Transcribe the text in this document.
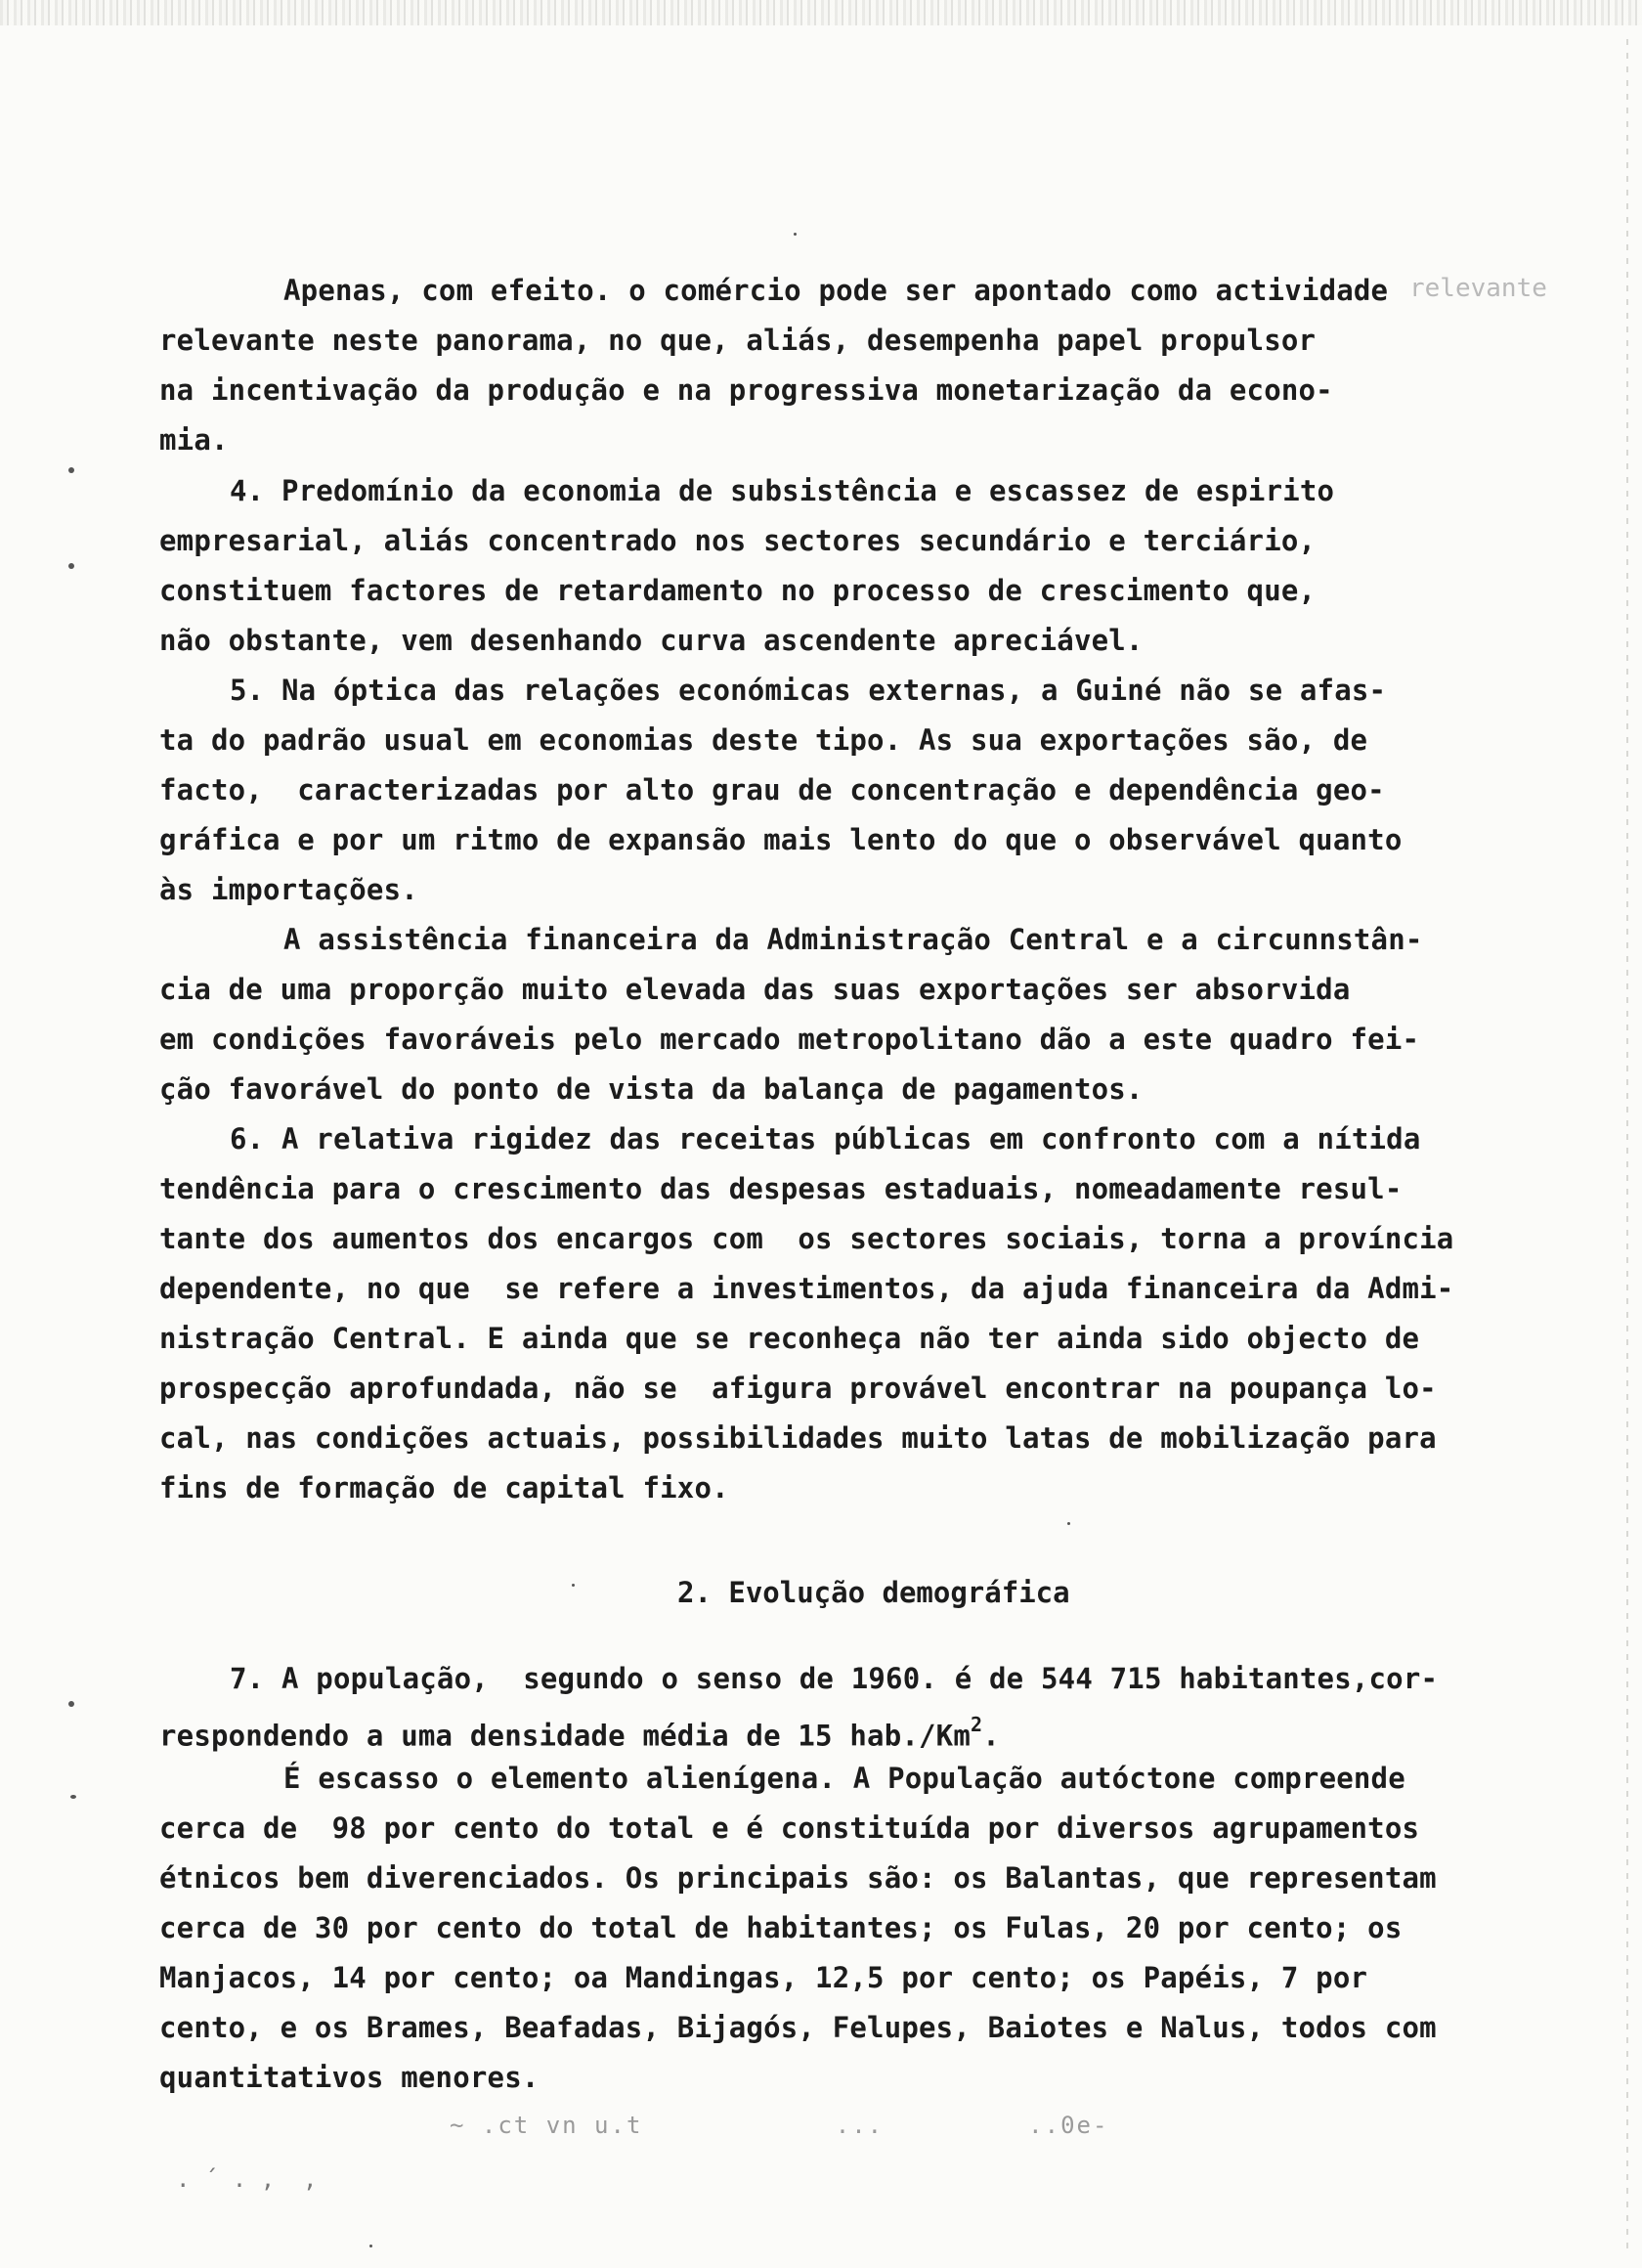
relevante
Apenas, com efeito. o comércio pode ser apontado como actividade
relevante neste panorama, no que, aliás, desempenha papel propulsor
na incentivação da produção e na progressiva monetarização da econo-
mia.
4. Predomínio da economia de subsistência e escassez de espirito
empresarial, aliás concentrado nos sectores secundário e terciário,
constituem factores de retardamento no processo de crescimento que,
não obstante, vem desenhando curva ascendente apreciável.
5. Na óptica das relações económicas externas, a Guiné não se afas-
ta do padrão usual em economias deste tipo. As sua exportações são, de
facto,  caracterizadas por alto grau de concentração e dependência geo-
gráfica e por um ritmo de expansão mais lento do que o observável quanto
às importações.
A assistência financeira da Administração Central e a circunnstân-
cia de uma proporção muito elevada das suas exportações ser absorvida
em condições favoráveis pelo mercado metropolitano dão a este quadro fei-
ção favorável do ponto de vista da balança de pagamentos.
6. A relativa rigidez das receitas públicas em confronto com a nítida
tendência para o crescimento das despesas estaduais, nomeadamente resul-
tante dos aumentos dos encargos com  os sectores sociais, torna a província
dependente, no que  se refere a investimentos, da ajuda financeira da Admi-
nistração Central. E ainda que se reconheça não ter ainda sido objecto de
prospecção aprofundada, não se  afigura provável encontrar na poupança lo-
cal, nas condições actuais, possibilidades muito latas de mobilização para
fins de formação de capital fixo.
2. Evolução demográfica
7. A população,  segundo o senso de 1960. é de 544 715 habitantes,cor-
respondendo a uma densidade média de 15 hab./Km$^2$.
É escasso o elemento alienígena. A População autóctone compreende
cerca de  98 por cento do total e é constituída por diversos agrupamentos
étnicos bem diverenciados. Os principais são: os Balantas, que representam
cerca de 30 por cento do total de habitantes; os Fulas, 20 por cento; os
Manjacos, 14 por cento; oa Mandingas, 12,5 por cento; os Papéis, 7 por
cento, e os Brames, Beafadas, Bijagós, Felupes, Baiotes e Nalus, todos com
quantitativos menores.
~ .ct vn u.t            ...         ..0e-
. ´ . ,  ,
